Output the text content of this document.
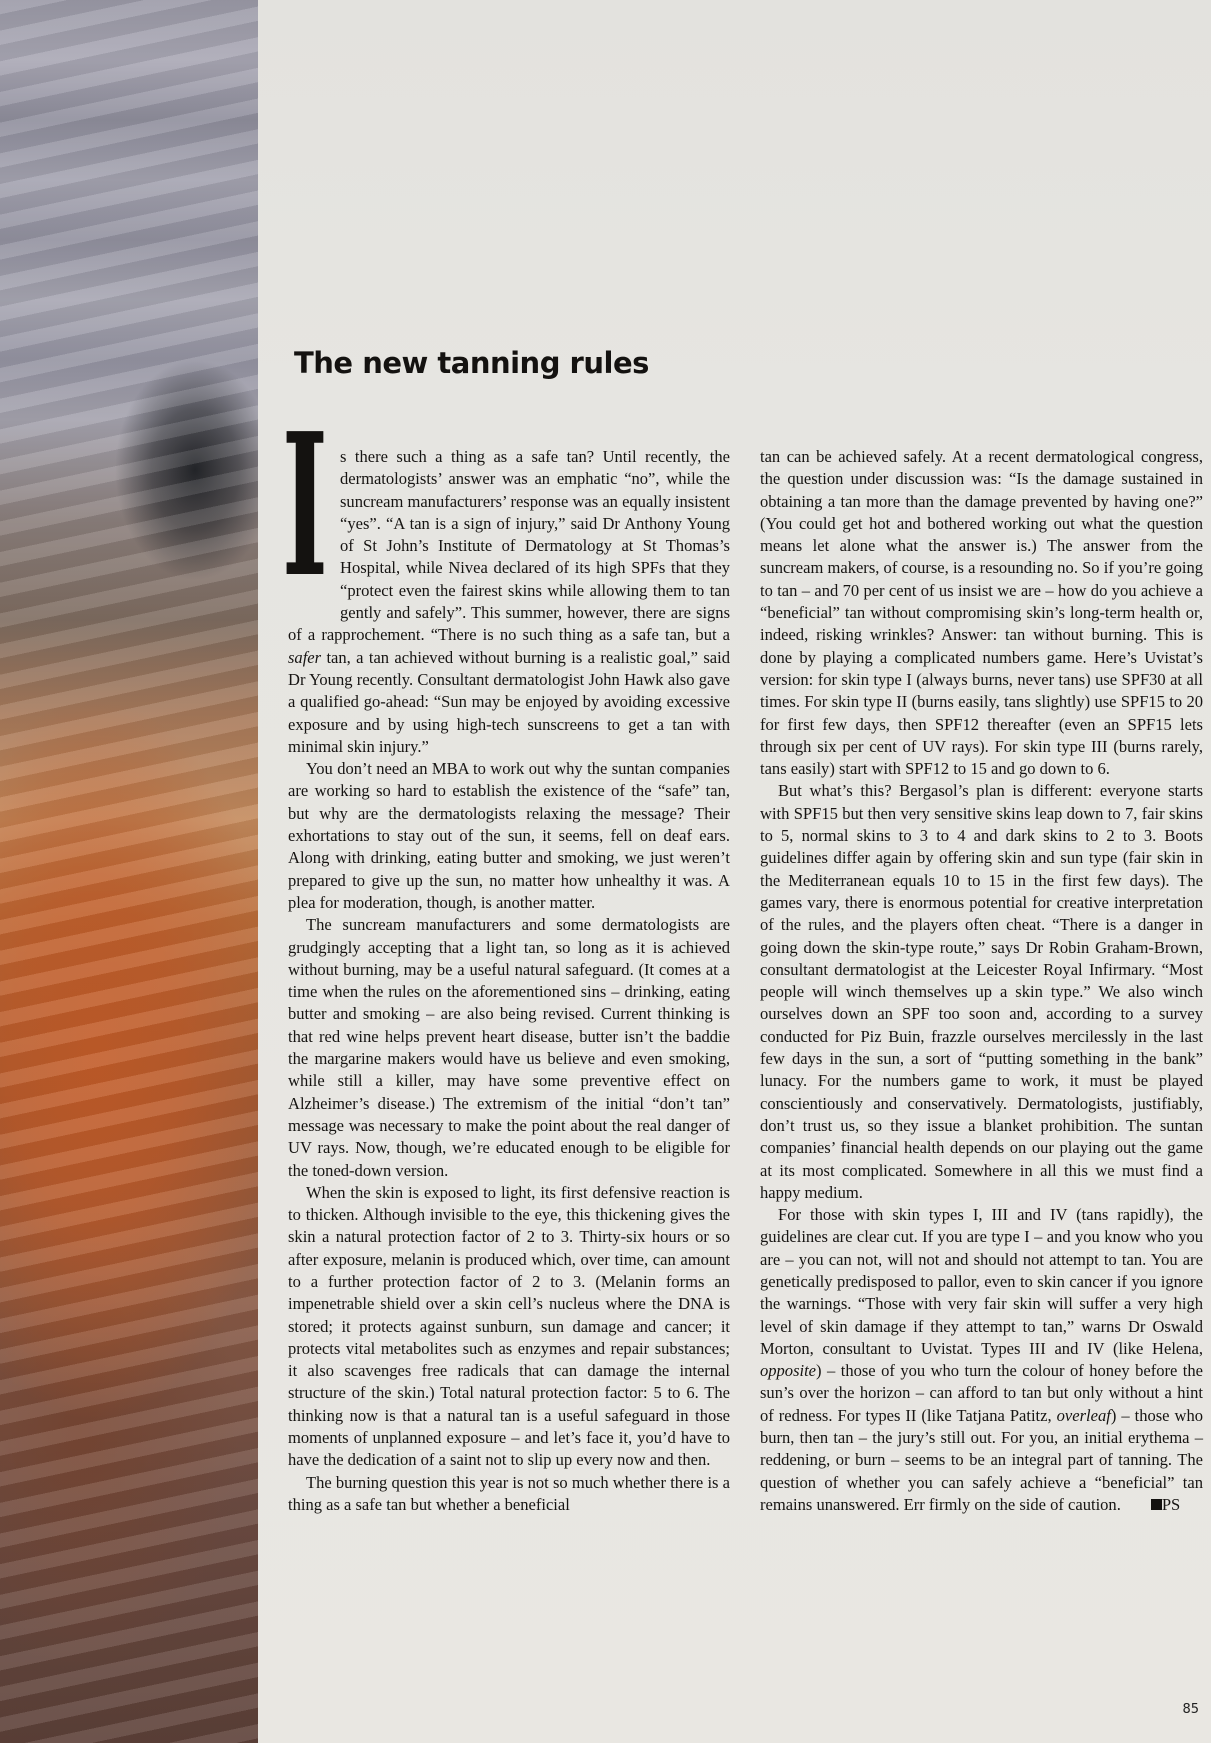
The new tanning rules
I s there such a thing as a safe tan? Until recently, the dermatologists’ answer was an emphatic “no”, while the suncream manufacturers’ response was an equally insistent “yes”. “A tan is a sign of injury,” said Dr Anthony Young of St John’s Institute of Dermatology at St Thomas’s Hospital, while Nivea declared of its high SPFs that they “protect even the fairest skins while allowing them to tan gently and safely”. This summer, however, there are signs of a rapprochement. “There is no such thing as a safe tan, but a safer tan, a tan achieved without burning is a realistic goal,” said Dr Young recently. Consultant dermatologist John Hawk also gave a qualified go-ahead: “Sun may be enjoyed by avoiding excessive exposure and by using high-tech sunscreens to get a tan with minimal skin injury.”

You don’t need an MBA to work out why the suntan companies are working so hard to establish the existence of the “safe” tan, but why are the dermatologists relaxing the message? Their exhortations to stay out of the sun, it seems, fell on deaf ears. Along with drinking, eating butter and smoking, we just weren’t prepared to give up the sun, no matter how unhealthy it was. A plea for moderation, though, is another matter.

The suncream manufacturers and some dermatologists are grudgingly accepting that a light tan, so long as it is achieved without burning, may be a useful natural safeguard. (It comes at a time when the rules on the aforementioned sins – drinking, eating butter and smoking – are also being revised. Current thinking is that red wine helps prevent heart disease, butter isn’t the baddie the margarine makers would have us believe and even smoking, while still a killer, may have some preventive effect on Alzheimer’s disease.) The extremism of the initial “don’t tan” message was necessary to make the point about the real danger of UV rays. Now, though, we’re educated enough to be eligible for the toned-down version.

When the skin is exposed to light, its first defensive reaction is to thicken. Although invisible to the eye, this thickening gives the skin a natural protection factor of 2 to 3. Thirty-six hours or so after exposure, melanin is produced which, over time, can amount to a further protection factor of 2 to 3. (Melanin forms an impenetrable shield over a skin cell’s nucleus where the DNA is stored; it protects against sunburn, sun damage and cancer; it protects vital metabolites such as enzymes and repair substances; it also scavenges free radicals that can damage the internal structure of the skin.) Total natural protection factor: 5 to 6. The thinking now is that a natural tan is a useful safeguard in those moments of unplanned exposure – and let’s face it, you’d have to have the dedication of a saint not to slip up every now and then.

The burning question this year is not so much whether there is a thing as a safe tan but whether a beneficial

tan can be achieved safely. At a recent dermatological congress, the question under discussion was: “Is the damage sustained in obtaining a tan more than the damage prevented by having one?” (You could get hot and bothered working out what the question means let alone what the answer is.) The answer from the suncream makers, of course, is a resounding no. So if you’re going to tan – and 70 per cent of us insist we are – how do you achieve a “beneficial” tan without compromising skin’s long-term health or, indeed, risking wrinkles? Answer: tan without burning. This is done by playing a complicated numbers game. Here’s Uvistat’s version: for skin type I (always burns, never tans) use SPF30 at all times. For skin type II (burns easily, tans slightly) use SPF15 to 20 for first few days, then SPF12 thereafter (even an SPF15 lets through six per cent of UV rays). For skin type III (burns rarely, tans easily) start with SPF12 to 15 and go down to 6.

But what’s this? Bergasol’s plan is different: everyone starts with SPF15 but then very sensitive skins leap down to 7, fair skins to 5, normal skins to 3 to 4 and dark skins to 2 to 3. Boots guidelines differ again by offering skin and sun type (fair skin in the Mediterranean equals 10 to 15 in the first few days). The games vary, there is enormous potential for creative interpretation of the rules, and the players often cheat. “There is a danger in going down the skin-type route,” says Dr Robin Graham-Brown, consultant dermatologist at the Leicester Royal Infirmary. “Most people will winch themselves up a skin type.” We also winch ourselves down an SPF too soon and, according to a survey conducted for Piz Buin, frazzle ourselves mercilessly in the last few days in the sun, a sort of “putting something in the bank” lunacy. For the numbers game to work, it must be played conscientiously and conservatively. Dermatologists, justifiably, don’t trust us, so they issue a blanket prohibition. The suntan companies’ financial health depends on our playing out the game at its most complicated. Somewhere in all this we must find a happy medium.

For those with skin types I, III and IV (tans rapidly), the guidelines are clear cut. If you are type I – and you know who you are – you can not, will not and should not attempt to tan. You are genetically predisposed to pallor, even to skin cancer if you ignore the warnings. “Those with very fair skin will suffer a very high level of skin damage if they attempt to tan,” warns Dr Oswald Morton, consultant to Uvistat. Types III and IV (like Helena, opposite) – those of you who turn the colour of honey before the sun’s over the horizon – can afford to tan but only without a hint of redness. For types II (like Tatjana Patitz, overleaf) – those who burn, then tan – the jury’s still out. For you, an initial erythema – reddening, or burn – seems to be an integral part of tanning. The question of whether you can safely achieve a “beneficial” tan remains unanswered. Err firmly on the side of caution. PS

85
